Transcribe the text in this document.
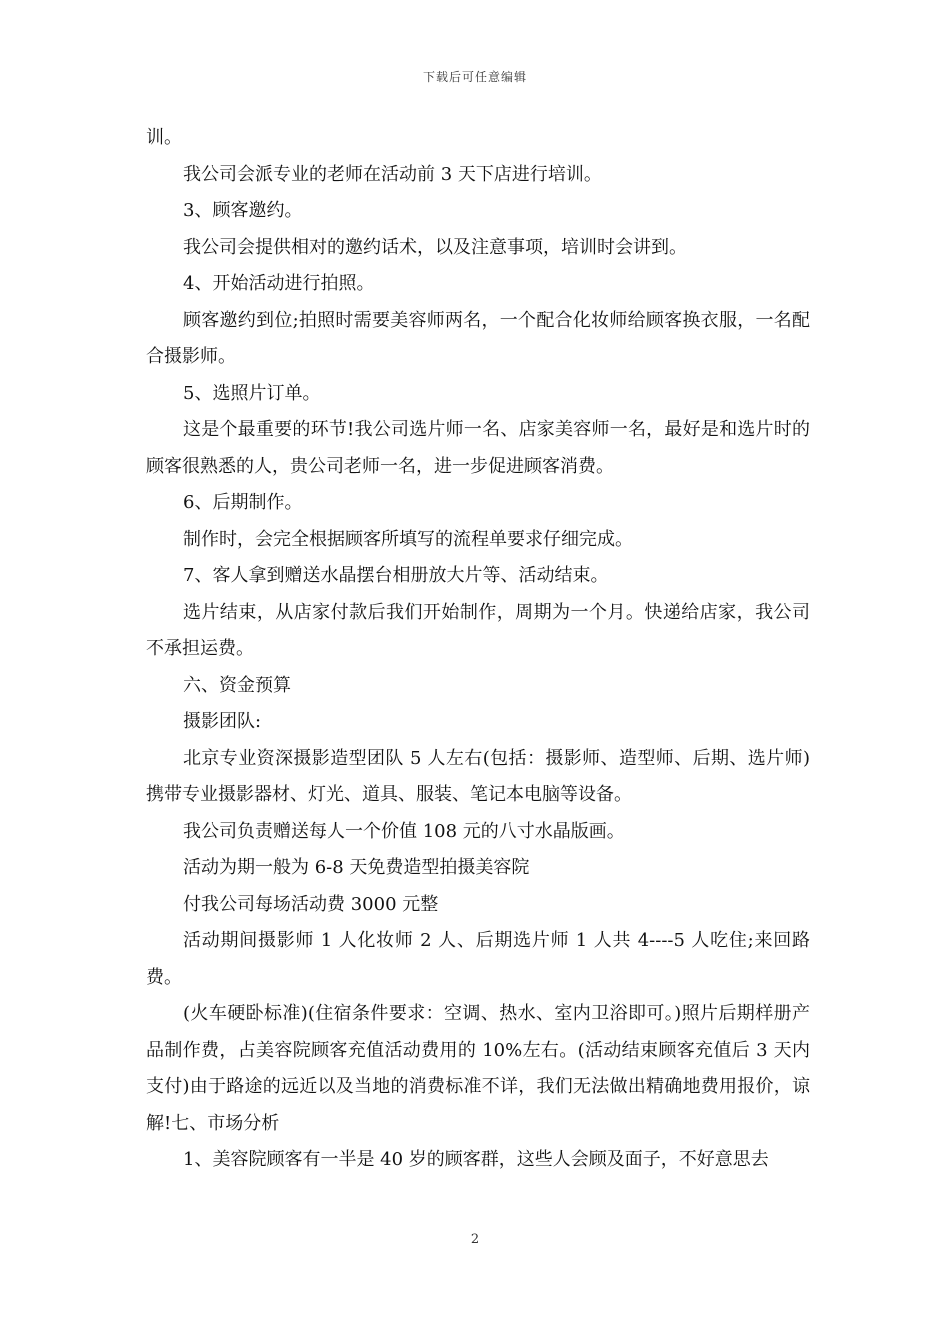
下载后可任意编辑

训。

我公司会派专业的老师在活动前 3 天下店进行培训。

3、顾客邀约。

我公司会提供相对的邀约话术，以及注意事项，培训时会讲到。

4、开始活动进行拍照。

顾客邀约到位;拍照时需要美容师两名，一个配合化妆师给顾客换衣服，一名配合摄影师。

5、选照片订单。

这是个最重要的环节!我公司选片师一名、店家美容师一名，最好是和选片时的顾客很熟悉的人，贵公司老师一名，进一步促进顾客消费。

6、后期制作。

制作时，会完全根据顾客所填写的流程单要求仔细完成。

7、客人拿到赠送水晶摆台相册放大片等、活动结束。

选片结束，从店家付款后我们开始制作，周期为一个月。快递给店家，我公司不承担运费。

六、资金预算

摄影团队:

北京专业资深摄影造型团队 5 人左右(包括：摄影师、造型师、后期、选片师)携带专业摄影器材、灯光、道具、服装、笔记本电脑等设备。

我公司负责赠送每人一个价值 108 元的八寸水晶版画。

活动为期一般为 6-8 天免费造型拍摄美容院

付我公司每场活动费 3000 元整

活动期间摄影师 1 人化妆师 2 人、后期选片师 1 人共 4----5 人吃住;来回路费。

(火车硬卧标准)(住宿条件要求：空调、热水、室内卫浴即可。)照片后期样册产品制作费，占美容院顾客充值活动费用的 10%左右。(活动结束顾客充值后 3 天内支付)由于路途的远近以及当地的消费标准不详，我们无法做出精确地费用报价，谅解!七、市场分析

1、美容院顾客有一半是 40 岁的顾客群，这些人会顾及面子，不好意思去

2
